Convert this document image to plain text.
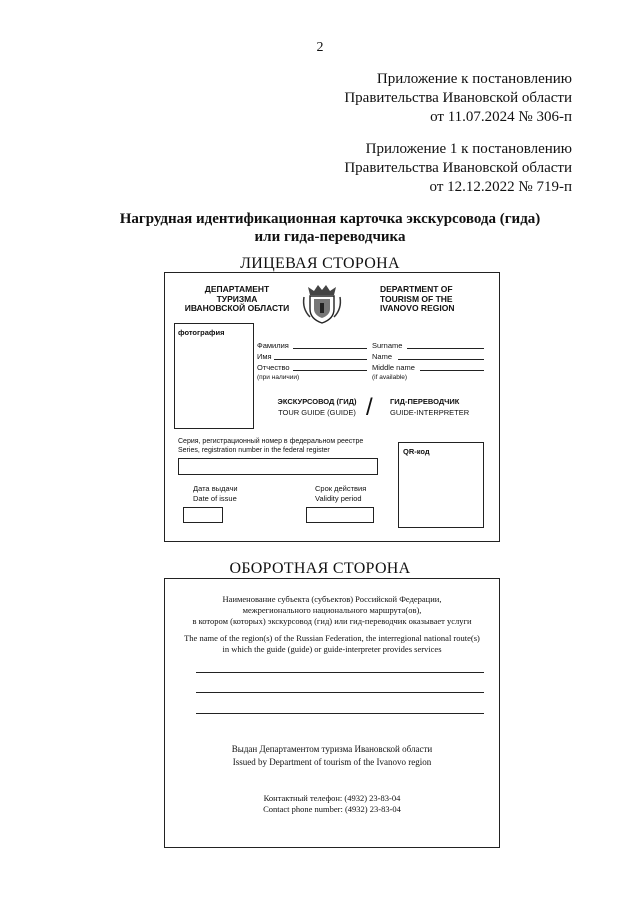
2
Приложение к постановлению
Правительства Ивановской области
от 11.07.2024 № 306-п
Приложение 1 к постановлению
Правительства Ивановской области
от 12.12.2022 № 719-п
Нагрудная идентификационная карточка экскурсовода (гида)
или гида-переводчика
ЛИЦЕВАЯ СТОРОНА
ДЕПАРТАМЕНТ
ТУРИЗМА
ИВАНОВСКОЙ ОБЛАСТИ
DEPARTMENT OF
TOURISM OF THE
IVANOVO REGION
фотография
Фамилия
Имя
Отчество
(при наличии)
Surname
Name
Middle name
(if available)
ЭКСКУРСОВОД (ГИД)
TOUR GUIDE (GUIDE) / ГИД-ПЕРЕВОДЧИК
GUIDE-INTERPRETER
Серия, регистрационный номер в федеральном реестре
Series, registration number in the federal register	QR-код
Дата выдачи
Date of issue
Срок действия
Validity period
ОБОРОТНАЯ СТОРОНА
Наименование субъекта (субъектов) Российской Федерации,
межрегионального национального маршрута(ов),
в котором (которых) экскурсовод (гид) или гид-переводчик оказывает услуги
The name of the region(s) of the Russian Federation, the interregional national route(s)
in which the guide (guide) or guide-interpreter provides services
Выдан Департаментом туризма Ивановской области
Issued by Department of tourism of the Ivanovo region
Контактный телефон: (4932) 23-83-04
Contact phone number: (4932) 23-83-04
